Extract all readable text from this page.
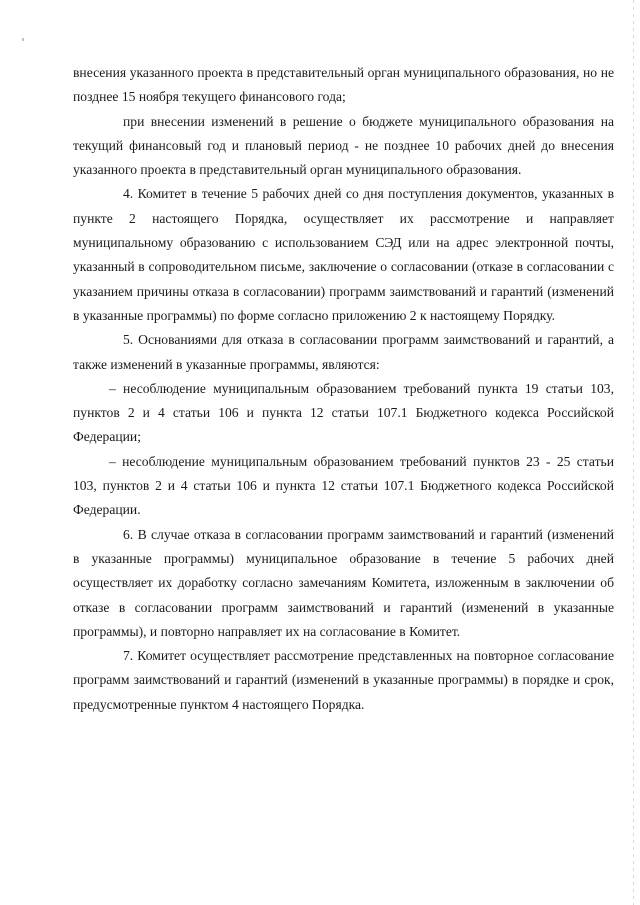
внесения указанного проекта в представительный орган муниципального образования, но не позднее 15 ноября текущего финансового года;

при внесении изменений в решение о бюджете муниципального образования на текущий финансовый год и плановый период - не позднее 10 рабочих дней до внесения указанного проекта в представительный орган муниципального образования.

4. Комитет в течение 5 рабочих дней со дня поступления документов, указанных в пункте 2 настоящего Порядка, осуществляет их рассмотрение и направляет муниципальному образованию с использованием СЭД или на адрес электронной почты, указанный в сопроводительном письме, заключение о согласовании (отказе в согласовании с указанием причины отказа в согласовании) программ заимствований и гарантий (изменений в указанные программы) по форме согласно приложению 2 к настоящему Порядку.

5. Основаниями для отказа в согласовании программ заимствований и гарантий, а также изменений в указанные программы, являются:

– несоблюдение муниципальным образованием требований пункта 19 статьи 103, пунктов 2 и 4 статьи 106 и пункта 12 статьи 107.1 Бюджетного кодекса Российской Федерации;

– несоблюдение муниципальным образованием требований пунктов 23 - 25 статьи 103, пунктов 2 и 4 статьи 106 и пункта 12 статьи 107.1 Бюджетного кодекса Российской Федерации.

6. В случае отказа в согласовании программ заимствований и гарантий (изменений в указанные программы) муниципальное образование в течение 5 рабочих дней осуществляет их доработку согласно замечаниям Комитета, изложенным в заключении об отказе в согласовании программ заимствований и гарантий (изменений в указанные программы), и повторно направляет их на согласование в Комитет.

7. Комитет осуществляет рассмотрение представленных на повторное согласование программ заимствований и гарантий (изменений в указанные программы) в порядке и срок, предусмотренные пунктом 4 настоящего Порядка.
